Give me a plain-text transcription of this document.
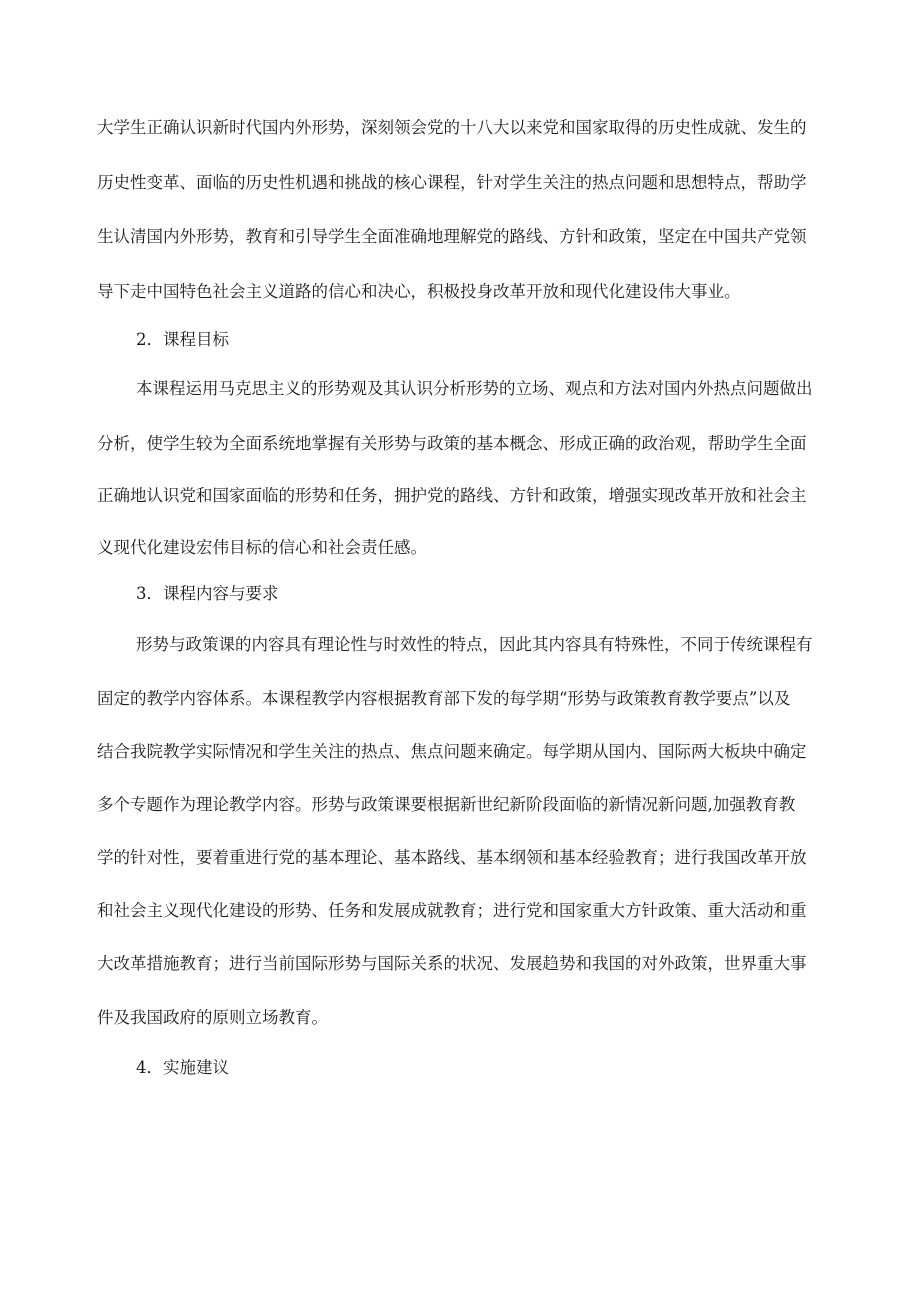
大学生正确认识新时代国内外形势，深刻领会党的十八大以来党和国家取得的历史性成就、发生的
历史性变革、面临的历史性机遇和挑战的核心课程，针对学生关注的热点问题和思想特点，帮助学
生认清国内外形势，教育和引导学生全面准确地理解党的路线、方针和政策，坚定在中国共产党领
导下走中国特色社会主义道路的信心和决心，积极投身改革开放和现代化建设伟大事业。
2．课程目标
本课程运用马克思主义的形势观及其认识分析形势的立场、观点和方法对国内外热点问题做出
分析，使学生较为全面系统地掌握有关形势与政策的基本概念、形成正确的政治观，帮助学生全面
正确地认识党和国家面临的形势和任务，拥护党的路线、方针和政策，增强实现改革开放和社会主
义现代化建设宏伟目标的信心和社会责任感。
3．课程内容与要求
形势与政策课的内容具有理论性与时效性的特点，因此其内容具有特殊性，不同于传统课程有
固定的教学内容体系。本课程教学内容根据教育部下发的每学期“形势与政策教育教学要点”以及
结合我院教学实际情况和学生关注的热点、焦点问题来确定。每学期从国内、国际两大板块中确定
多个专题作为理论教学内容。形势与政策课要根据新世纪新阶段面临的新情况新问题,加强教育教
学的针对性，要着重进行党的基本理论、基本路线、基本纲领和基本经验教育；进行我国改革开放
和社会主义现代化建设的形势、任务和发展成就教育；进行党和国家重大方针政策、重大活动和重
大改革措施教育；进行当前国际形势与国际关系的状况、发展趋势和我国的对外政策，世界重大事
件及我国政府的原则立场教育。
4．实施建议
